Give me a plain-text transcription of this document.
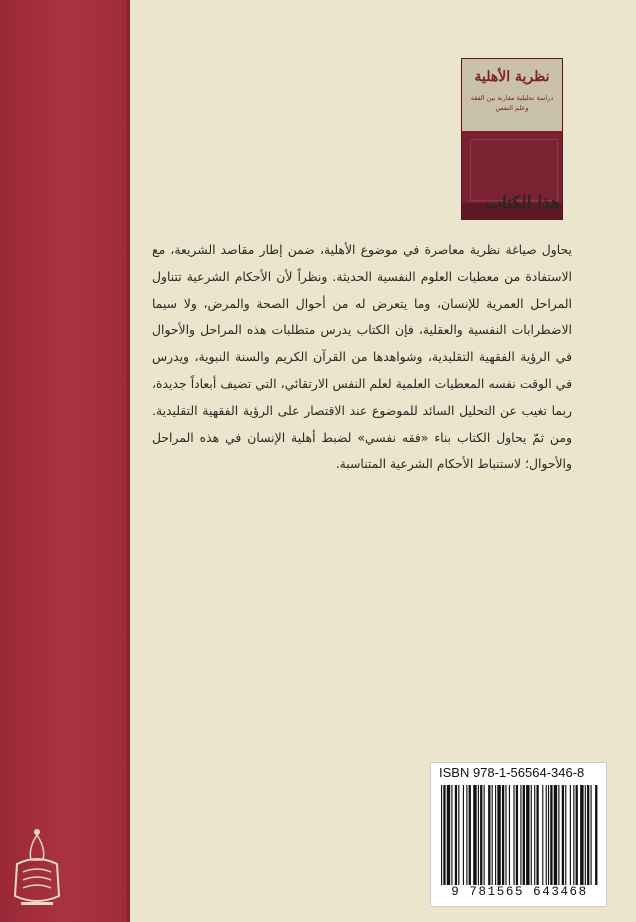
نظرية الأهلية
دراسة تحليلية مقارنة بين الفقه وعلم النفس
هذا الكتاب
يحاول صياغة نظرية معاصرة في موضوع الأهلية، ضمن إطار مقاصد الشريعة، مع الاستفادة من معطيات العلوم النفسية الحديثة. ونظراً لأن الأحكام الشرعية تتناول المراحل العمرية للإنسان، وما يتعرض له من أحوال الصحة والمرض، ولا سيما الاضطرابات النفسية والعقلية، فإن الكتاب يدرس متطلبات هذه المراحل والأحوال في الرؤية الفقهية التقليدية، وشواهدها من القرآن الكريم والسنة النبوية، ويدرس في الوقت نفسه المعطيات العلمية لعلم النفس الارتقائي، التي تضيف أبعاداً جديدة، ربما تغيب عن التحليل السائد للموضوع عند الاقتصار على الرؤية الفقهية التقليدية. ومن ثمّ يحاول الكتاب بناء «فقه نفسي» لضبط أهلية الإنسان في هذه المراحل والأحوال؛ لاستنباط الأحكام الشرعية المتناسبة.
ISBN 978-1-56564-346-8
9 781565 643468
